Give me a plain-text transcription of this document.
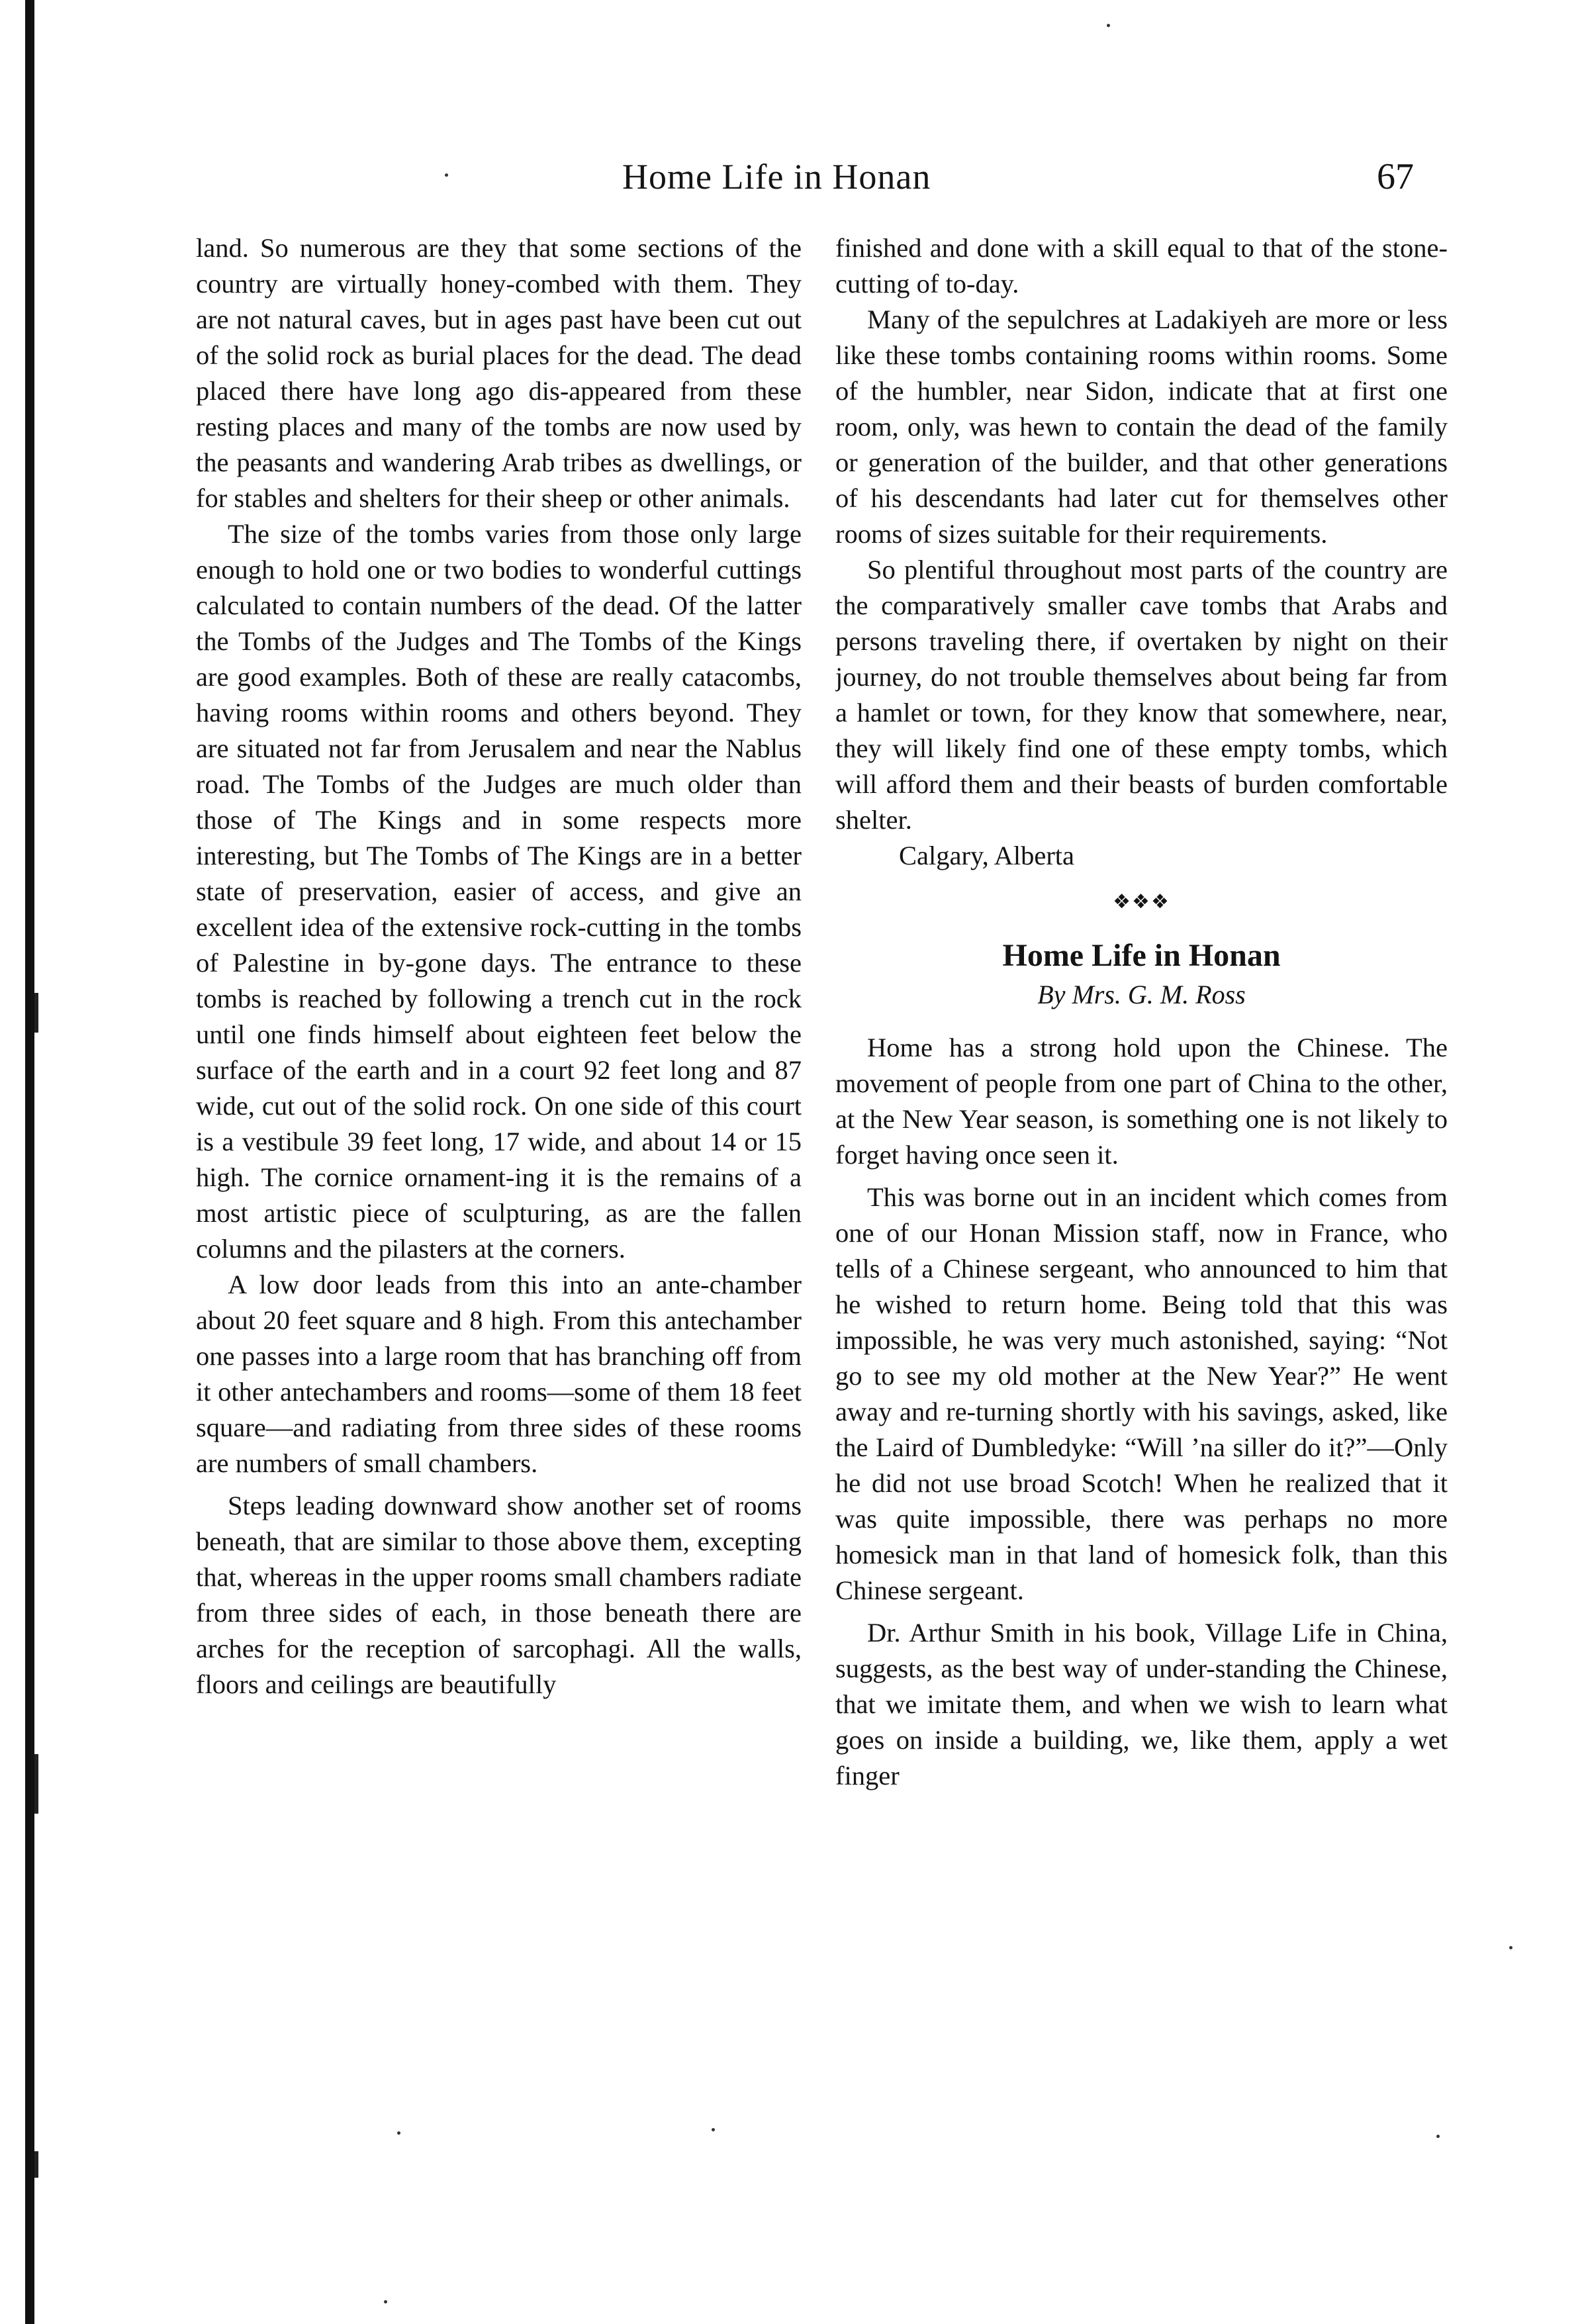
Home Life in Honan	67

land. So numerous are they that some sections of the country are virtually honey-combed with them. They are not natural caves, but in ages past have been cut out of the solid rock as burial places for the dead. The dead placed there have long ago dis-appeared from these resting places and many of the tombs are now used by the peasants and wandering Arab tribes as dwellings, or for stables and shelters for their sheep or other animals.

The size of the tombs varies from those only large enough to hold one or two bodies to wonderful cuttings calculated to contain numbers of the dead. Of the latter the Tombs of the Judges and The Tombs of the Kings are good examples. Both of these are really catacombs, having rooms within rooms and others beyond. They are situated not far from Jerusalem and near the Nablus road. The Tombs of the Judges are much older than those of The Kings and in some respects more interesting, but The Tombs of The Kings are in a better state of preservation, easier of access, and give an excellent idea of the extensive rock-cutting in the tombs of Palestine in by-gone days. The entrance to these tombs is reached by following a trench cut in the rock until one finds himself about eighteen feet below the surface of the earth and in a court 92 feet long and 87 wide, cut out of the solid rock. On one side of this court is a vestibule 39 feet long, 17 wide, and about 14 or 15 high. The cornice ornament-ing it is the remains of a most artistic piece of sculpturing, as are the fallen columns and the pilasters at the corners.

A low door leads from this into an ante-chamber about 20 feet square and 8 high. From this antechamber one passes into a large room that has branching off from it other antechambers and rooms—some of them 18 feet square—and radiating from three sides of these rooms are numbers of small chambers.

Steps leading downward show another set of rooms beneath, that are similar to those above them, excepting that, whereas in the upper rooms small chambers radiate from three sides of each, in those beneath there are arches for the reception of sarcophagi. All the walls, floors and ceilings are beautifully

finished and done with a skill equal to that of the stone-cutting of to-day.

Many of the sepulchres at Ladakiyeh are more or less like these tombs containing rooms within rooms. Some of the humbler, near Sidon, indicate that at first one room, only, was hewn to contain the dead of the family or generation of the builder, and that other generations of his descendants had later cut for themselves other rooms of sizes suitable for their requirements.

So plentiful throughout most parts of the country are the comparatively smaller cave tombs that Arabs and persons traveling there, if overtaken by night on their journey, do not trouble themselves about being far from a hamlet or town, for they know that somewhere, near, they will likely find one of these empty tombs, which will afford them and their beasts of burden comfortable shelter.

Calgary, Alberta

❖❖❖
Home Life in Honan
By Mrs. G. M. Ross

Home has a strong hold upon the Chinese. The movement of people from one part of China to the other, at the New Year season, is something one is not likely to forget having once seen it.

This was borne out in an incident which comes from one of our Honan Mission staff, now in France, who tells of a Chinese sergeant, who announced to him that he wished to return home. Being told that this was impossible, he was very much astonished, saying: “Not go to see my old mother at the New Year?” He went away and re-turning shortly with his savings, asked, like the Laird of Dumbledyke: “Will ’na siller do it?”—Only he did not use broad Scotch! When he realized that it was quite impossible, there was perhaps no more homesick man in that land of homesick folk, than this Chinese sergeant.

Dr. Arthur Smith in his book, Village Life in China, suggests, as the best way of under-standing the Chinese, that we imitate them, and when we wish to learn what goes on inside a building, we, like them, apply a wet finger
